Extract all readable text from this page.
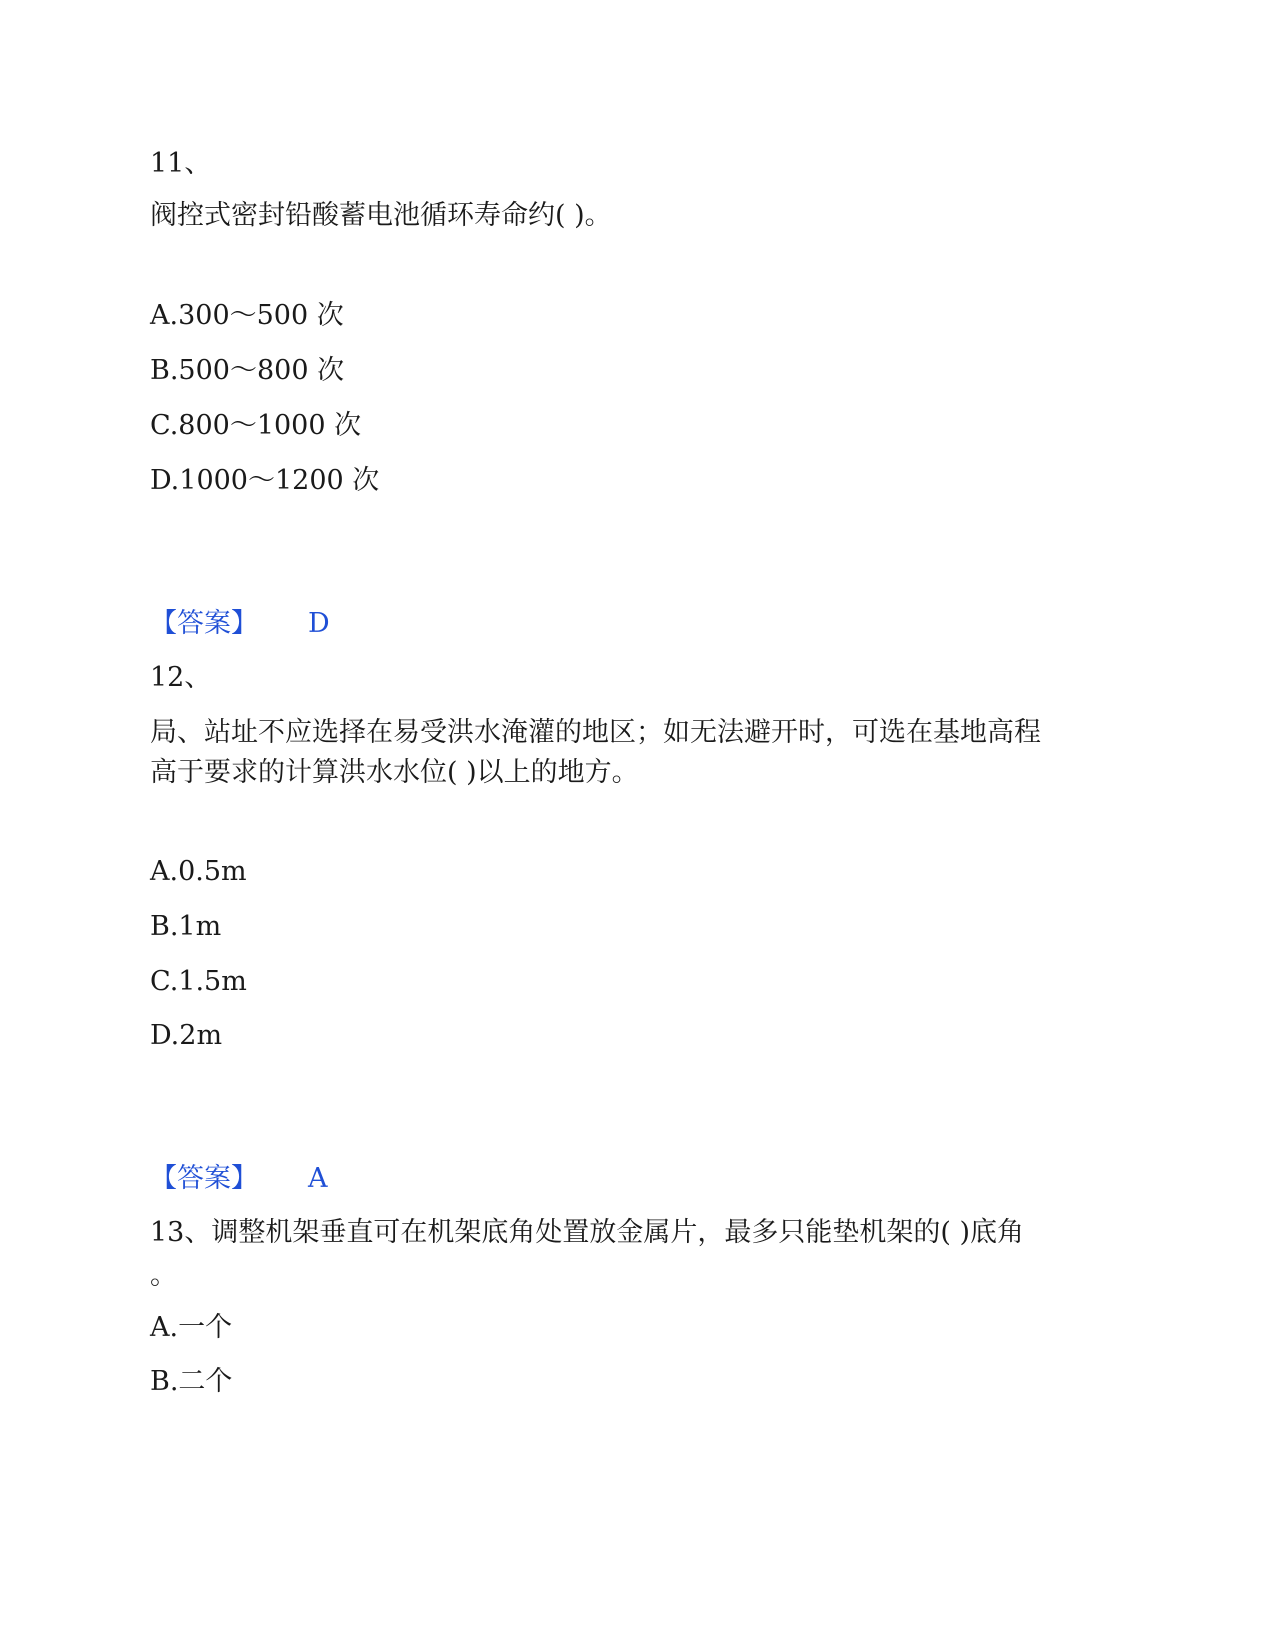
11、
阀控式密封铅酸蓄电池循环寿命约( )。
A.300～500 次
B.500～800 次
C.800～1000 次
D.1000～1200 次
【答案】 D
12、
局、站址不应选择在易受洪水淹灌的地区；如无法避开时，可选在基地高程
高于要求的计算洪水水位( )以上的地方。
A.0.5m
B.1m
C.1.5m
D.2m
【答案】 A
13、调整机架垂直可在机架底角处置放金属片，最多只能垫机架的( )底角
。
A.一个
B.二个
